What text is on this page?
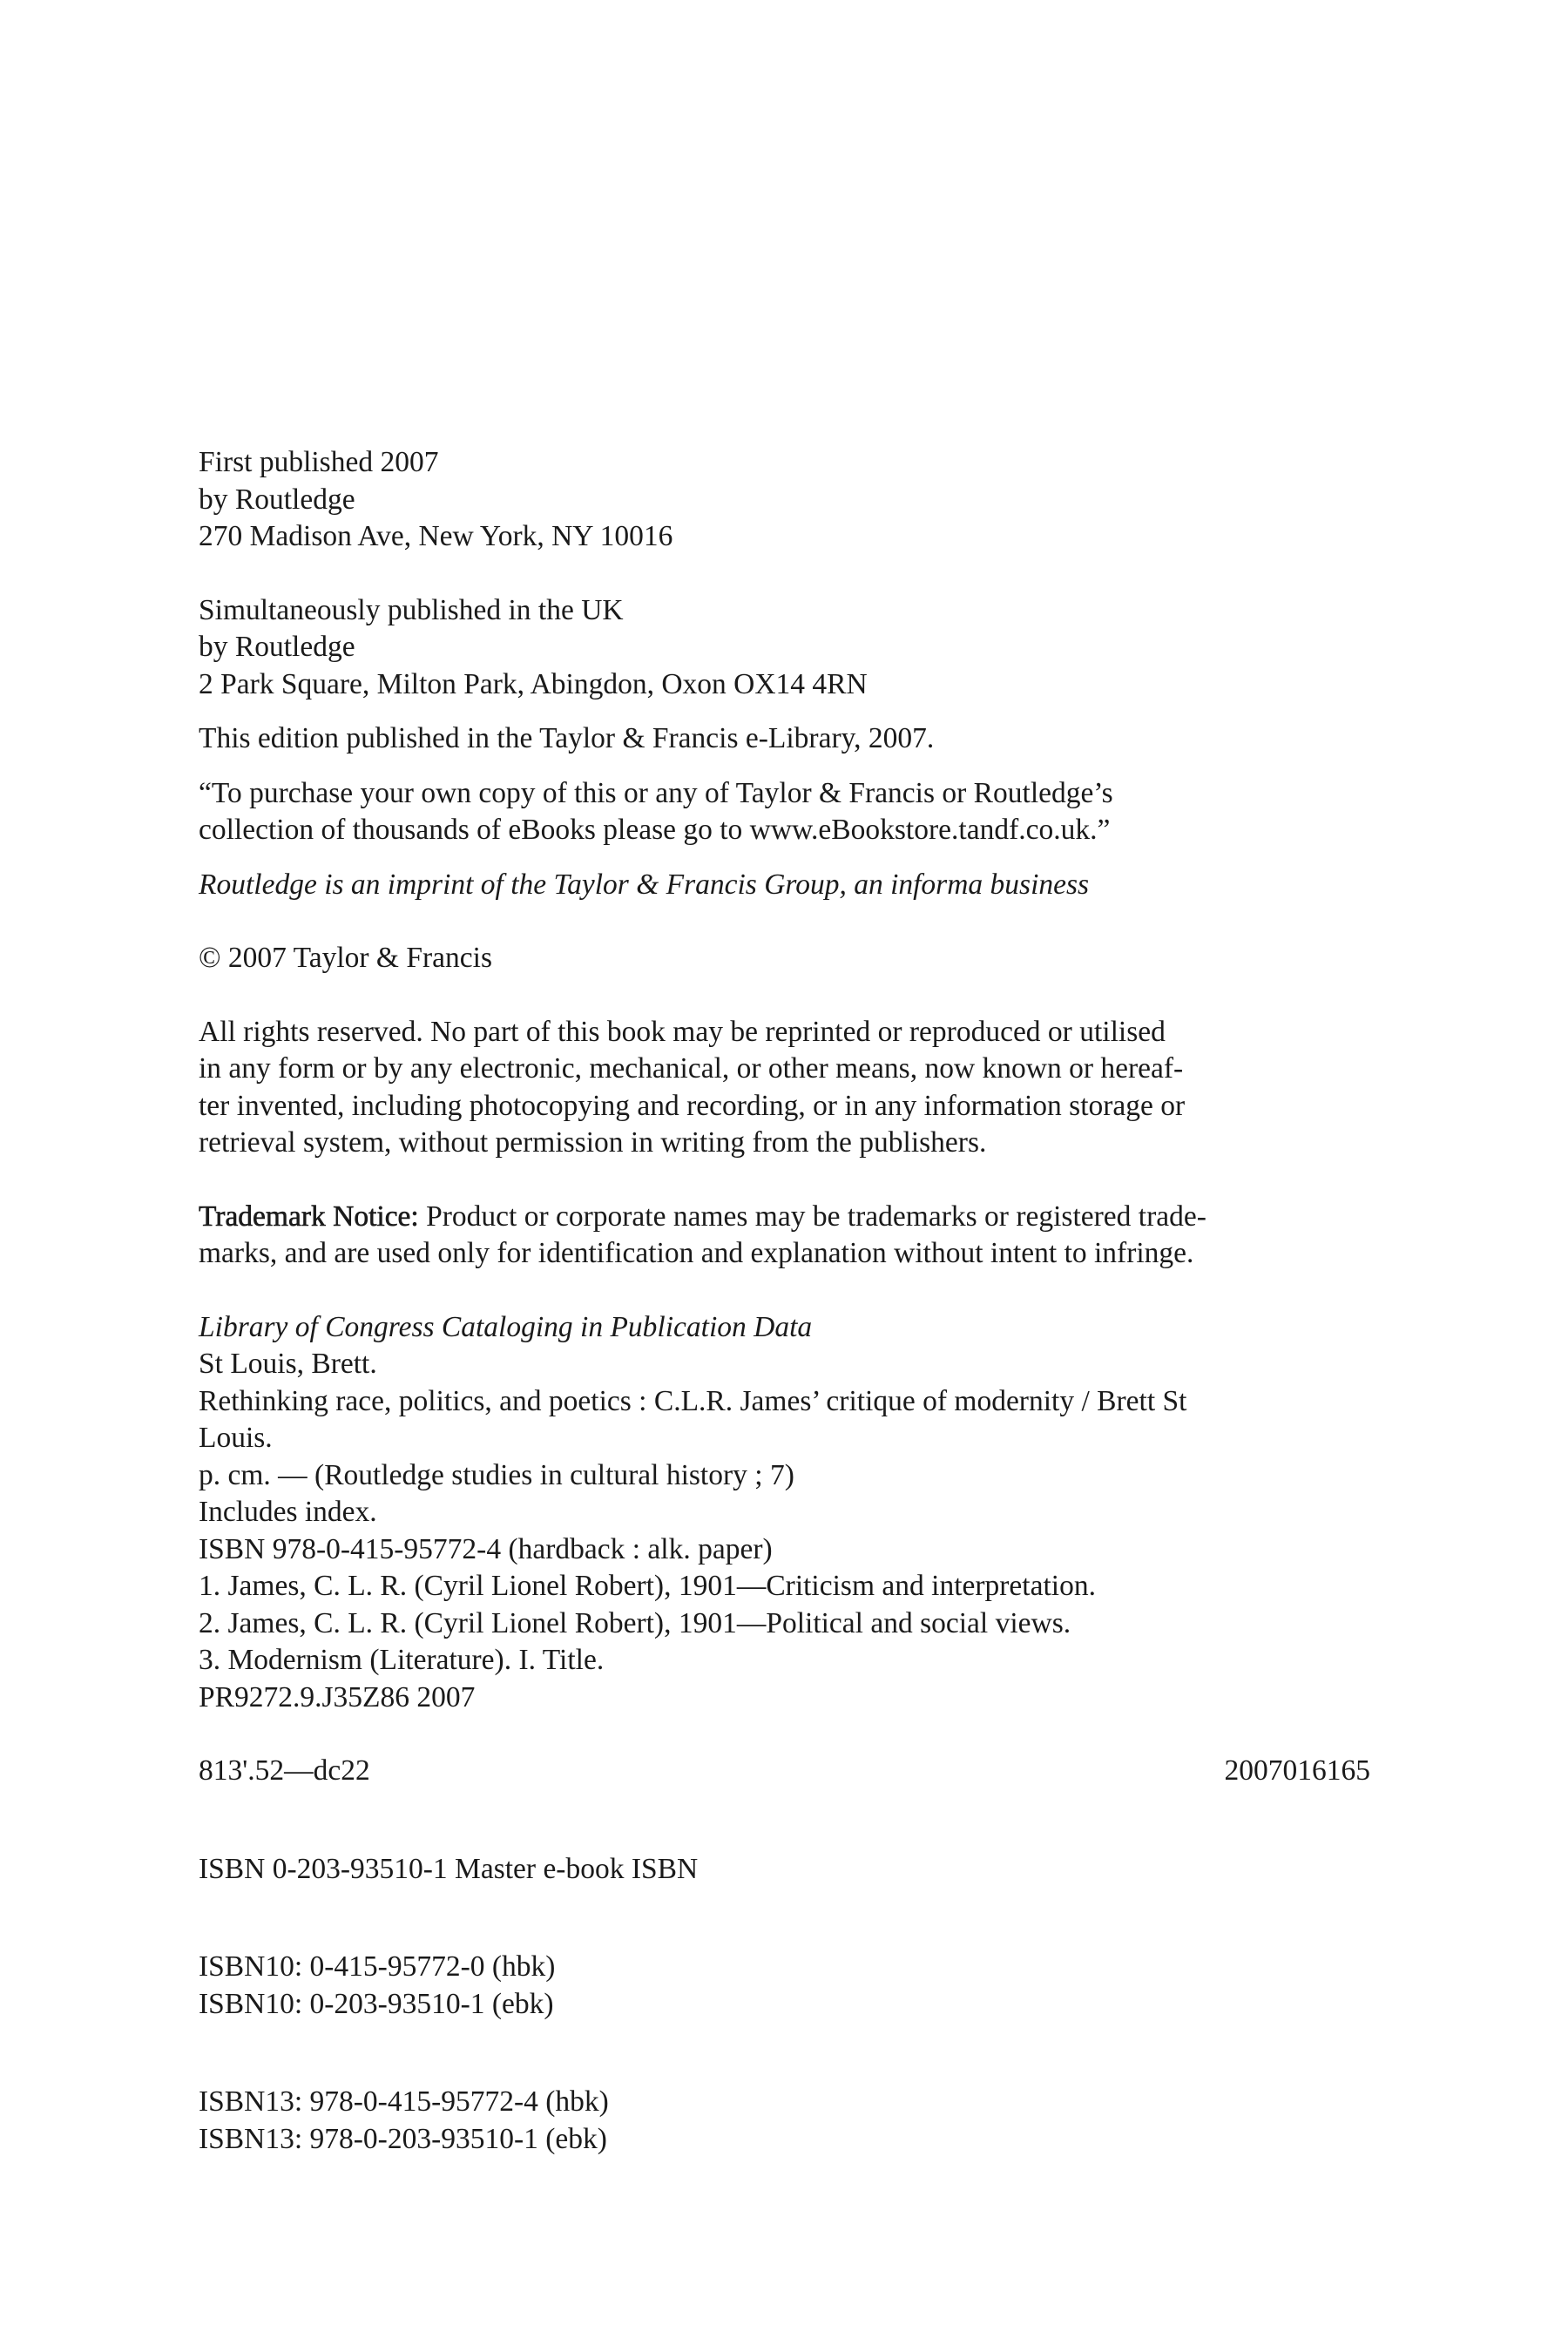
First published 2007
by Routledge
270 Madison Ave, New York, NY 10016
Simultaneously published in the UK
by Routledge
2 Park Square, Milton Park, Abingdon, Oxon OX14 4RN
This edition published in the Taylor & Francis e-Library, 2007.
“To purchase your own copy of this or any of Taylor & Francis or Routledge’s
collection of thousands of eBooks please go to www.eBookstore.tandf.co.uk.”
Routledge is an imprint of the Taylor & Francis Group, an informa business
© 2007 Taylor & Francis
All rights reserved. No part of this book may be reprinted or reproduced or utilised
in any form or by any electronic, mechanical, or other means, now known or hereaf-
ter invented, including photocopying and recording, or in any information storage or
retrieval system, without permission in writing from the publishers.
Trademark Notice: Product or corporate names may be trademarks or registered trade-
marks, and are used only for identification and explanation without intent to infringe.
Library of Congress Cataloging in Publication Data
St Louis, Brett.
Rethinking race, politics, and poetics : C.L.R. James’ critique of modernity / Brett St
Louis.
p. cm. — (Routledge studies in cultural history ; 7)
Includes index.
ISBN 978-0-415-95772-4 (hardback : alk. paper)
1. James, C. L. R. (Cyril Lionel Robert), 1901—Criticism and interpretation.
2. James, C. L. R. (Cyril Lionel Robert), 1901—Political and social views.
3. Modernism (Literature). I. Title.
PR9272.9.J35Z86 2007
813'.52—dc22	2007016165
ISBN 0-203-93510-1 Master e-book ISBN
ISBN10: 0-415-95772-0 (hbk)
ISBN10: 0-203-93510-1 (ebk)
ISBN13: 978-0-415-95772-4 (hbk)
ISBN13: 978-0-203-93510-1 (ebk)
